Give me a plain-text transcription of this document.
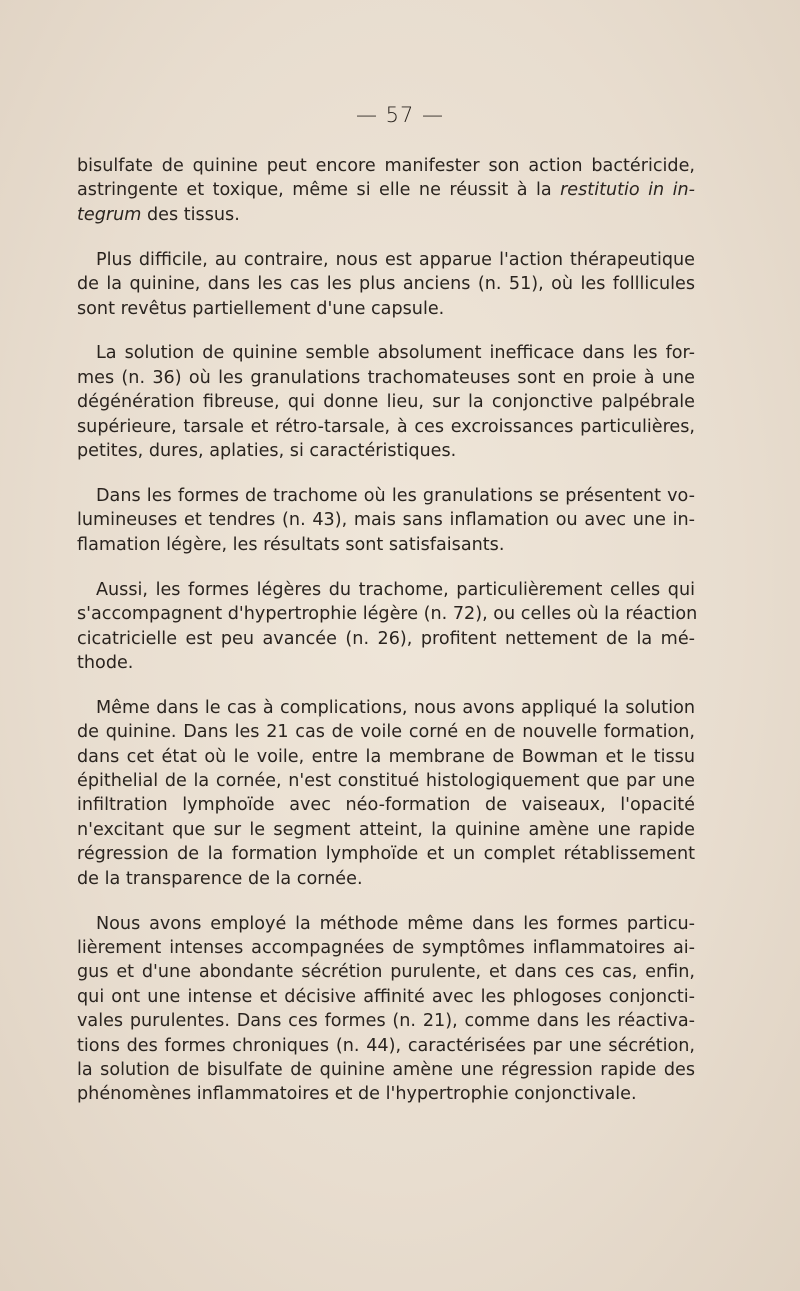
— 57 —

bisulfate de quinine peut encore manifester son action bactéricide,
astringente et toxique, même si elle ne réussit à la restitutio in in-
tegrum des tissus.

Plus difficile, au contraire, nous est apparue l'action thérapeutique
de la quinine, dans les cas les plus anciens (n. 51), où les folllicules
sont revêtus partiellement d'une capsule.

La solution de quinine semble absolument inefficace dans les for-
mes (n. 36) où les granulations trachomateuses sont en proie à une
dégénération fibreuse, qui donne lieu, sur la conjonctive palpébrale
supérieure, tarsale et rétro-tarsale, à ces excroissances particulières,
petites, dures, aplaties, si caractéristiques.

Dans les formes de trachome où les granulations se présentent vo-
lumineuses et tendres (n. 43), mais sans inflamation ou avec une in-
flamation légère, les résultats sont satisfaisants.

Aussi, les formes légères du trachome, particulièrement celles qui
s'accompagnent d'hypertrophie légère (n. 72), ou celles où la réaction
cicatricielle est peu avancée (n. 26), profitent nettement de la mé-
thode.

Même dans le cas à complications, nous avons appliqué la solution
de quinine. Dans les 21 cas de voile corné en de nouvelle formation,
dans cet état où le voile, entre la membrane de Bowman et le tissu
épithelial de la cornée, n'est constitué histologiquement que par une
infiltration lymphoïde avec néo-formation de vaiseaux, l'opacité
n'excitant que sur le segment atteint, la quinine amène une rapide
régression de la formation lymphoïde et un complet rétablissement
de la transparence de la cornée.

Nous avons employé la méthode même dans les formes particu-
lièrement intenses accompagnées de symptômes inflammatoires ai-
gus et d'une abondante sécrétion purulente, et dans ces cas, enfin,
qui ont une intense et décisive affinité avec les phlogoses conjoncti-
vales purulentes. Dans ces formes (n. 21), comme dans les réactiva-
tions des formes chroniques (n. 44), caractérisées par une sécrétion,
la solution de bisulfate de quinine amène une régression rapide des
phénomènes inflammatoires et de l'hypertrophie conjonctivale.
